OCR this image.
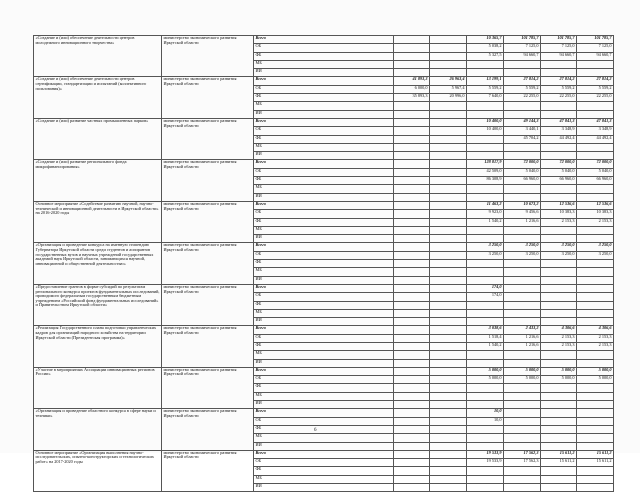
«Создание и (или) обеспечение деятельности центров молодежного инновационного творчества»	министерство экономического развития Иркутской области	Всего			10 365,7	101 785,7	101 785,7	101 785,7
		ОБ			5 038,2	7 125,0	7 125,0	7 125,0
		ФБ			5 327,5	94 660,7	94 660,7	94 660,7
		МБ						
		ИИ						
«Создание и (или) обеспечение деятельности центров сертификации, стандартизации и испытаний (коллективного пользования)»	министерство экономического развития Иркутской области	Всего	41 893,3	26 963,4	13 199,1	27 814,2	27 814,2	27 814,2
		ОБ	6 000,0	5 967,4	5 559,2	5 559,2	5 559,2	5 559,2
		ФБ	35 893,3	20 996,0	7 640,0	22 255,0	22 255,0	22 255,0
		МБ						
		ИИ						
«Создание и (или) развитие частных промышленных парков»	министерство экономического развития Иркутской области	Всего			10 400,0	49 144,3	47 841,3	47 841,3
		ОБ			10 400,0	3 440,1	3 348,9	3 348,9
		ФБ				45 704,2	44 492,4	44 492,4
		МБ						
		ИИ						
«Создание и (или) развитие регионального фонда микрофинансирования»	министерство экономического развития Иркутской области	Всего			128 817,9	72 000,0	72 000,0	72 000,0
		ОБ			42 509,0	5 040,0	5 040,0	5 040,0
		ФБ			86 308,9	66 960,0	66 960,0	66 960,0
		МБ						
		ИИ						
Основное мероприятие «Содействие развитию научной, научно-технической и инновационной деятельности в Иркутской области» на 2016-2020 годы	министерство экономического развития Иркутской области	Всего			11 463,2	10 673,2	12 536,6	12 536,6
		ОБ			9 923,0	9 456,6	10 383,3	10 383,3
		ФБ			1 540,2	1 216,6	2 153,3	2 153,3
		МБ						
		ИИ						
«Организация и проведение конкурса на именную стипендию Губернатора Иркутской области среди студентов и аспирантов государственных вузов и научных учреждений государственных академий наук Иркутской области, занимающихся научной, инновационной и общественной деятельностью»	министерство экономического развития Иркутской области	Всего			3 250,0	3 250,0	3 250,0	3 250,0
		ОБ			3 250,0	3 250,0	3 250,0	3 250,0
		ФБ						
		МБ						
		ИИ						
«Предоставление грантов в форме субсидий по результатам регионального конкурса проектов фундаментальных исследований, проводимого федеральным государственным бюджетным учреждением «Российский фонд фундаментальных исследований» и Правительством Иркутской области»	министерство экономического развития Иркутской области	Всего			174,0			
		ОБ			174,0			
		ФБ						
		МБ						
		ИИ						
«Реализация Государственного плана подготовки управленческих кадров для организаций народного хозяйства на территории Иркутской области (Президентская программа)»	министерство экономического развития Иркутской области	Всего			3 038,6	2 433,2	4 306,6	4 306,6
		ОБ			1 518,4	1 216,6	2 153,3	2 153,3
		ФБ			1 540,2	1 216,6	2 153,3	2 153,3
		МБ						
		ИИ						
«Участие в мероприятиях Ассоциации инновационных регионов России»	министерство экономического развития Иркутской области	Всего			5 000,0	5 000,0	5 000,0	5 000,0
		ОБ			5 000,0	5 000,0	5 000,0	5 000,0
		ФБ						
		МБ						
		ИИ						
«Организация и проведение областного конкурса в сфере науки и техники»	министерство экономического развития Иркутской области	Всего			10,0			
		ОБ			10,0			
		ФБ						
		МБ						
		ИИ						
Основное мероприятие «Организация выполнения научно-исследовательских, опытно-конструкторских и технологических работ» на 2017-2020 годы	министерство экономического развития Иркутской области	Всего			19 533,9	17 562,3	15 611,2	15 611,2
		ОБ			19 533,9	17 562,3	15 611,2	15 611,2
		ФБ						
		МБ						
		ИИ						
6
